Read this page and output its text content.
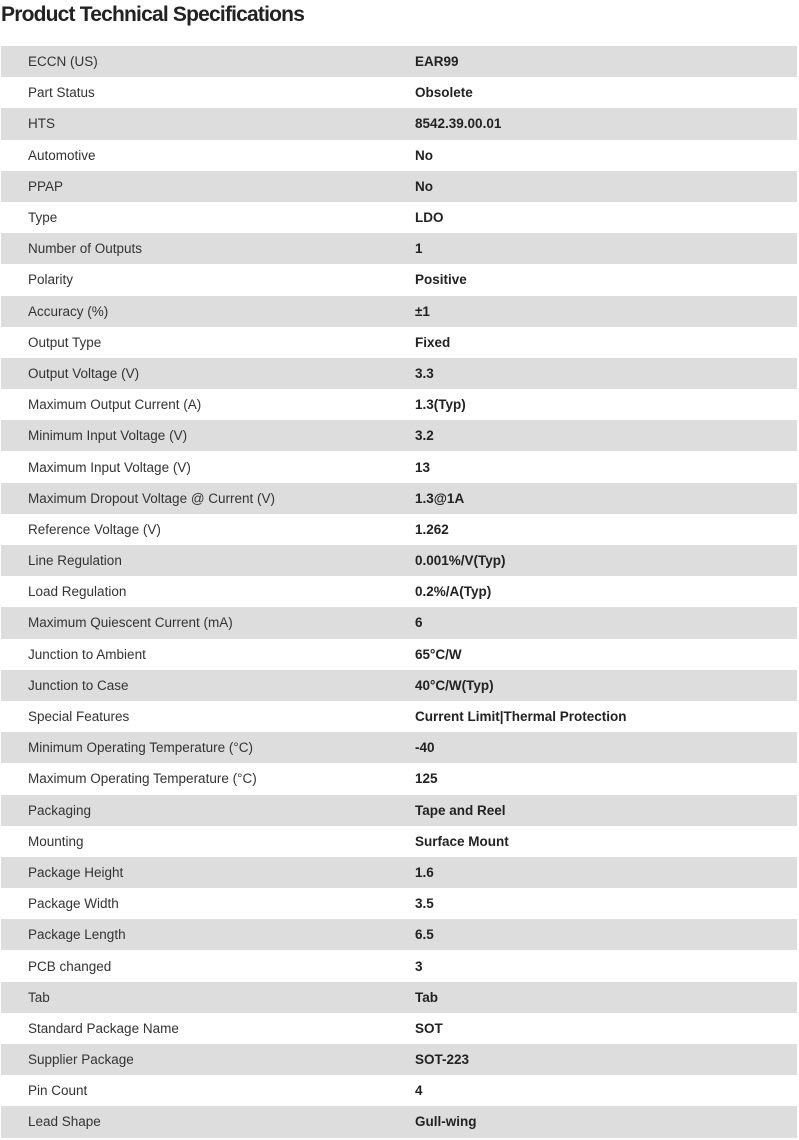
Product Technical Specifications
ECCN (US)	EAR99
Part Status	Obsolete
HTS	8542.39.00.01
Automotive	No
PPAP	No
Type	LDO
Number of Outputs	1
Polarity	Positive
Accuracy (%)	±1
Output Type	Fixed
Output Voltage (V)	3.3
Maximum Output Current (A)	1.3(Typ)
Minimum Input Voltage (V)	3.2
Maximum Input Voltage (V)	13
Maximum Dropout Voltage @ Current (V)	1.3@1A
Reference Voltage (V)	1.262
Line Regulation	0.001%/V(Typ)
Load Regulation	0.2%/A(Typ)
Maximum Quiescent Current (mA)	6
Junction to Ambient	65°C/W
Junction to Case	40°C/W(Typ)
Special Features	Current Limit|Thermal Protection
Minimum Operating Temperature (°C)	-40
Maximum Operating Temperature (°C)	125
Packaging	Tape and Reel
Mounting	Surface Mount
Package Height	1.6
Package Width	3.5
Package Length	6.5
PCB changed	3
Tab	Tab
Standard Package Name	SOT
Supplier Package	SOT-223
Pin Count	4
Lead Shape	Gull-wing
